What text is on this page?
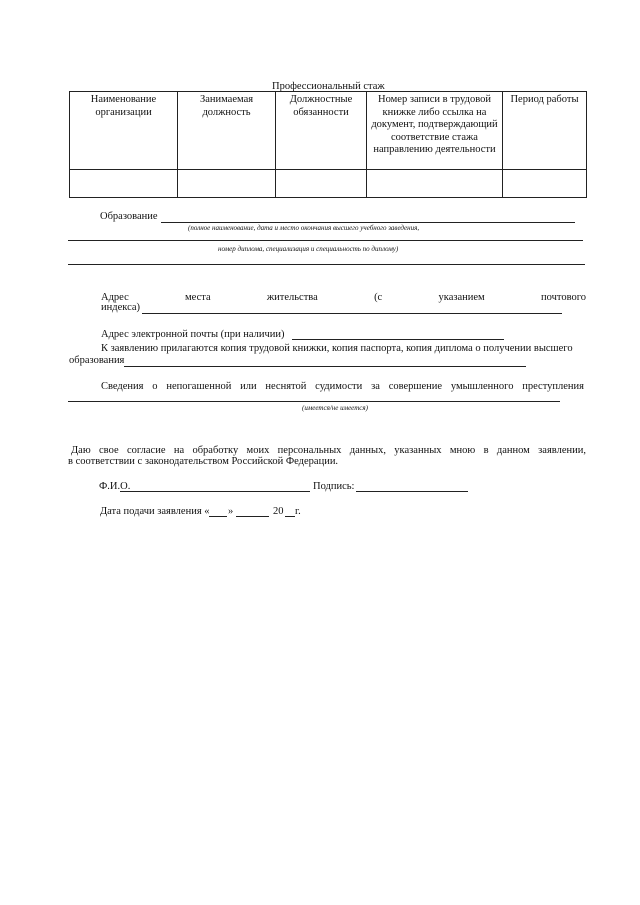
Профессиональный стаж
Наименование организации	Занимаемая должность	Должностные обязанности	Номер записи в трудовой книжке либо ссылка на документ, подтверждающий соответствие стажа направлению деятельности	Период работы

Образование
(полное наименование, дата и место окончания высшего учебного заведения,
номер диплома, специализация и специальность по диплому)
Адрес	места	жительства	(с	указанием	почтового
индекса)
Адрес электронной почты (при наличии)
К заявлению прилагаются копия трудовой книжки, копия паспорта, копия диплома о получении высшего
образования
Сведения о непогашенной или неснятой судимости за совершение умышленного преступления
(имеется/не имеется)
Даю свое согласие на обработку моих персональных данных, указанных мною в данном заявлении,
в соответствии с законодательством Российской Федерации.
Ф.И.О.	Подпись:
Дата подачи заявления « »	20 г.
